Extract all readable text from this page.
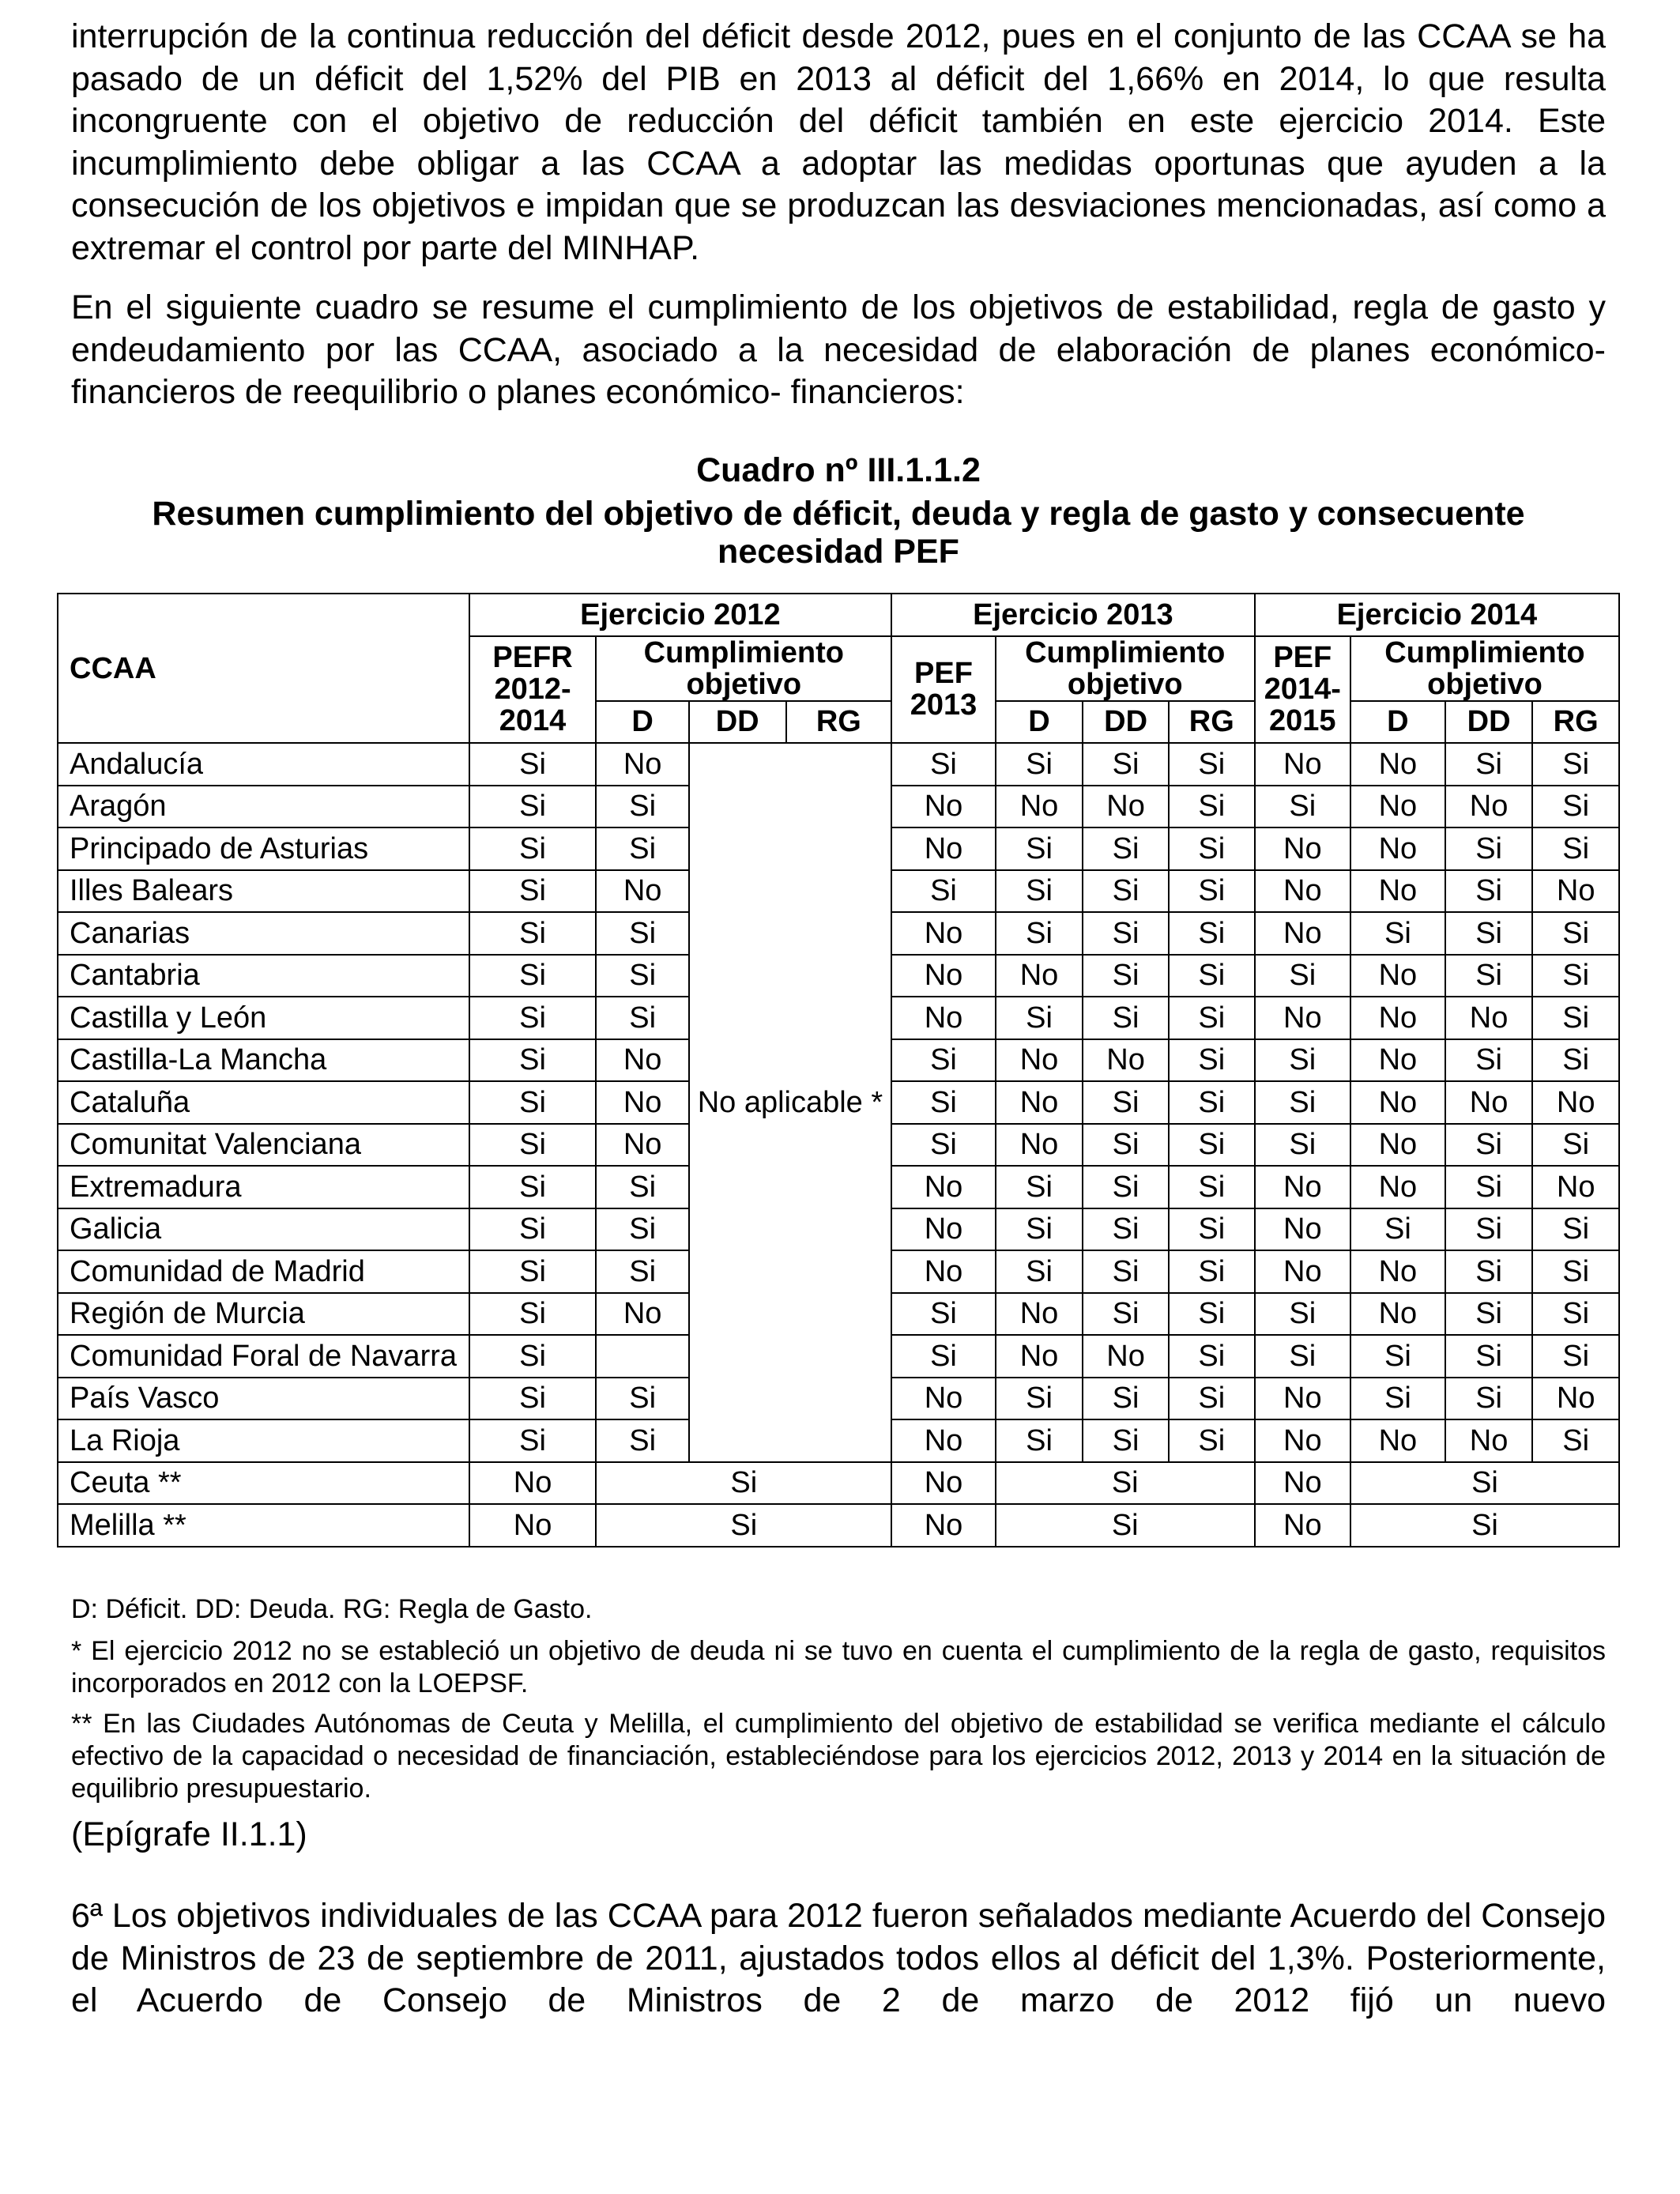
interrupción de la continua reducción del déficit desde 2012, pues en el conjunto de las CCAA se ha pasado de un déficit del 1,52% del PIB en 2013 al déficit del 1,66% en 2014, lo que resulta incongruente con el objetivo de reducción del déficit también en este ejercicio 2014. Este incumplimiento debe obligar a las CCAA a adoptar las medidas oportunas que ayuden a la consecución de los objetivos e impidan que se produzcan las desviaciones mencionadas, así como a extremar el control por parte del MINHAP.

En el siguiente cuadro se resume el cumplimiento de los objetivos de estabilidad, regla de gasto y endeudamiento por las CCAA, asociado a la necesidad de elaboración de planes económico-financieros de reequilibrio o planes económico- financieros:

Cuadro nº III.1.1.2
Resumen cumplimiento del objetivo de déficit, deuda y regla de gasto y consecuente necesidad PEF
CCAA	Ejercicio 2012				Ejercicio 2013				Ejercicio 2014			
	PEFR 2012-2014	Cumplimiento objetivo			PEF 2013	Cumplimiento objetivo			PEF 2014-2015	Cumplimiento objetivo		
		D	DD	RG		D	DD	RG		D	DD	RG
Andalucía	Si	No	No aplicable *		Si	Si	Si	Si	No	No	Si	Si
Aragón	Si	Si			No	No	No	Si	Si	No	No	Si
Principado de Asturias	Si	Si			No	Si	Si	Si	No	No	Si	Si
Illes Balears	Si	No			Si	Si	Si	Si	No	No	Si	No
Canarias	Si	Si			No	Si	Si	Si	No	Si	Si	Si
Cantabria	Si	Si			No	No	Si	Si	Si	No	Si	Si
Castilla y León	Si	Si			No	Si	Si	Si	No	No	No	Si
Castilla-La Mancha	Si	No			Si	No	No	Si	Si	No	Si	Si
Cataluña	Si	No			Si	No	Si	Si	Si	No	No	No
Comunitat Valenciana	Si	No			Si	No	Si	Si	Si	No	Si	Si
Extremadura	Si	Si			No	Si	Si	Si	No	No	Si	No
Galicia	Si	Si			No	Si	Si	Si	No	Si	Si	Si
Comunidad de Madrid	Si	Si			No	Si	Si	Si	No	No	Si	Si
Región de Murcia	Si	No			Si	No	Si	Si	Si	No	Si	Si
Comunidad Foral de Navarra	Si				Si	No	No	Si	Si	Si	Si	Si
País Vasco	Si	Si			No	Si	Si	Si	No	Si	Si	No
La Rioja	Si	Si			No	Si	Si	Si	No	No	No	Si
Ceuta **	No	Si			No	Si			No	Si		
Melilla **	No	Si			No	Si			No	Si		

D: Déficit. DD: Deuda. RG: Regla de Gasto.

* El ejercicio 2012 no se estableció un objetivo de deuda ni se tuvo en cuenta el cumplimiento de la regla de gasto, requisitos incorporados en 2012 con la LOEPSF.

** En las Ciudades Autónomas de Ceuta y Melilla, el cumplimiento del objetivo de estabilidad se verifica mediante el cálculo efectivo de la capacidad o necesidad de financiación, estableciéndose para los ejercicios 2012, 2013 y 2014 en la situación de equilibrio presupuestario.

(Epígrafe II.1.1)
6ª Los objetivos individuales de las CCAA para 2012 fueron señalados mediante Acuerdo del Consejo de Ministros de 23 de septiembre de 2011, ajustados todos ellos al déficit del 1,3%. Posteriormente, el Acuerdo de Consejo de Ministros de 2 de marzo de 2012 fijó un nuevo
